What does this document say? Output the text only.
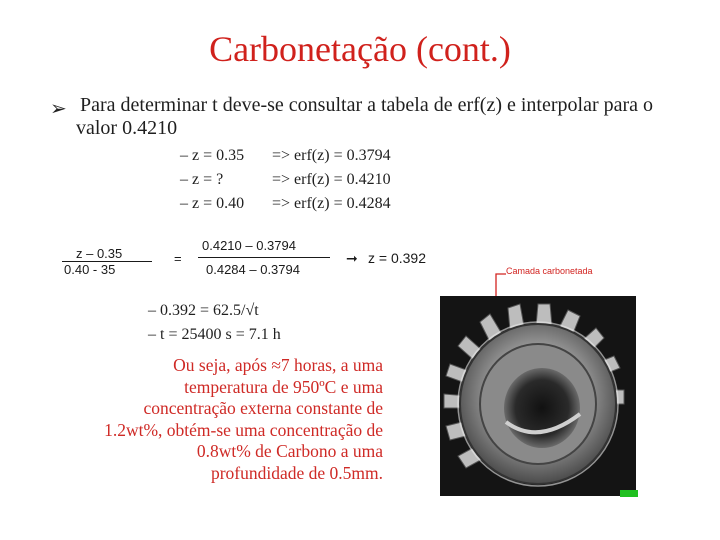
Carbonetação (cont.)
➢ Para determinar t deve-se consultar a tabela de erf(z) e interpolar para o
valor 0.4210
– z = 0.35 => erf(z) = 0.3794
– z = ?	=> erf(z) = 0.4210
– z = 0.40 => erf(z) = 0.4284
z – 0.35
0.40 - 35
=
0.4210 – 0.3794
0.4284 – 0.3794
➞ z = 0.392
– 0.392 = 62.5/√t
– t = 25400 s = 7.1 h
Ou seja, após ≈7 horas, a uma
temperatura de 950ºC e uma
concentração externa constante de
1.2wt%, obtém-se uma concentração de
0.8wt% de Carbono a uma
profundidade de 0.5mm.
Camada carbonetada
